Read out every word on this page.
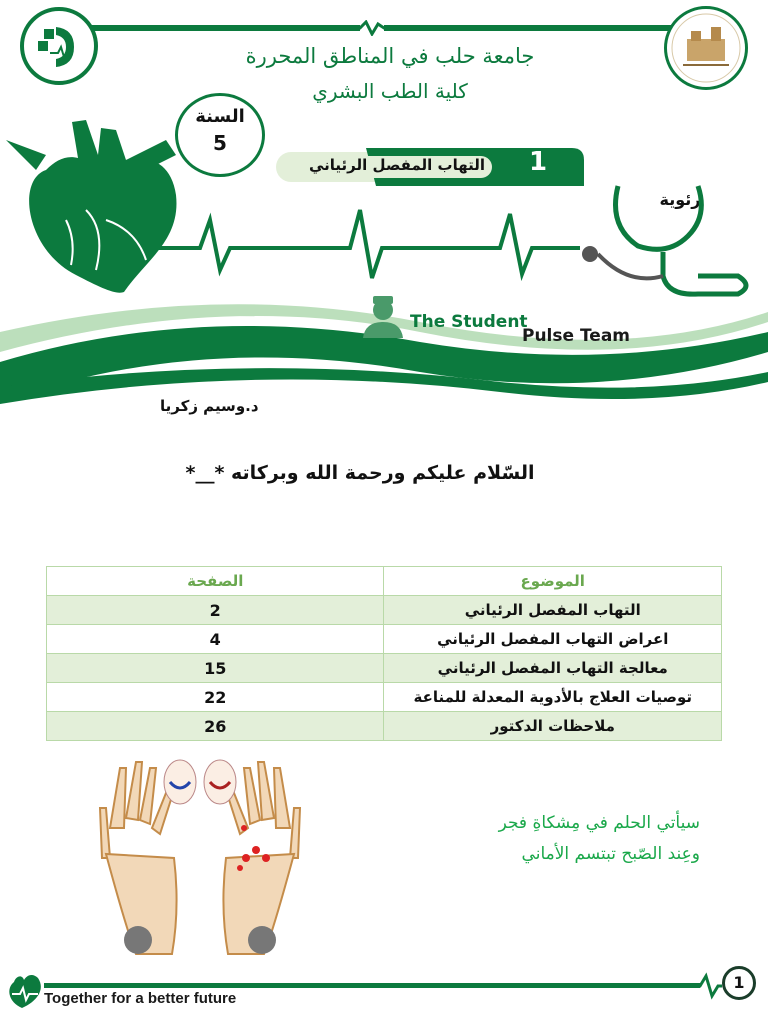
جامعة حلب في المناطق المحررة
كلية الطب البشري
السنة
5
التهاب المفصل الرئياني	1
رئوية
The Student
Pulse Team
د.وسيم زكريا
السّلام عليكم ورحمة الله وبركاته *__*
الموضوع	الصفحة
التهاب المفصل الرئياني	2
اعراض التهاب المفصل الرئياني	4
معالجة التهاب المفصل الرئياني	15
توصيات العلاج بالأدوية المعدلة للمناعة	22
ملاحظات الدكتور	26
سيأتي الحلم في مِشكاةِ فجر
وعِند الصّبح تبتسم الأماني
Together for a better future
1
